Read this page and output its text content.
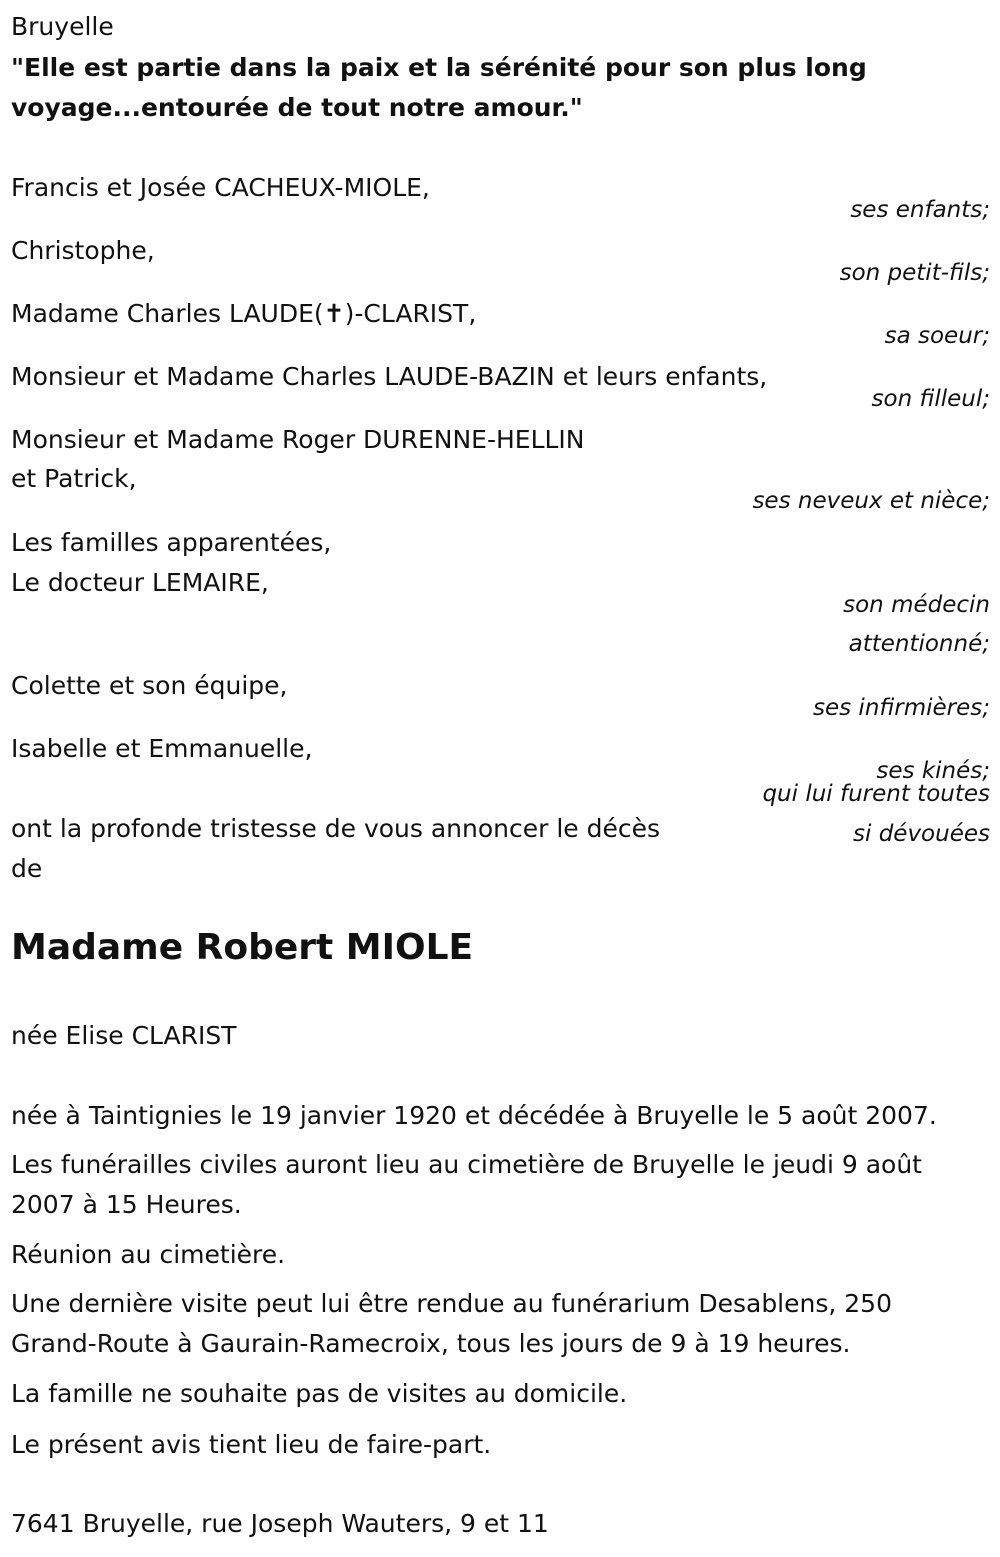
Bruyelle
"Elle est partie dans la paix et la sérénité pour son plus long
voyage...entourée de tout notre amour."
Francis et Josée CACHEUX-MIOLE,
ses enfants;
Christophe,
son petit-fils;
Madame Charles LAUDE(✝)-CLARIST,
sa soeur;
Monsieur et Madame Charles LAUDE-BAZIN et leurs enfants,
son filleul;
Monsieur et Madame Roger DURENNE-HELLIN
et Patrick,
ses neveux et nièce;
Les familles apparentées,
Le docteur LEMAIRE,
son médecin
attentionné;
Colette et son équipe,
ses infirmières;
Isabelle et Emmanuelle,
ses kinés;
qui lui furent toutes
si dévouées
ont la profonde tristesse de vous annoncer le décès
de
Madame Robert MIOLE
née Elise CLARIST
née à Taintignies le 19 janvier 1920 et décédée à Bruyelle le 5 août 2007.
Les funérailles civiles auront lieu au cimetière de Bruyelle le jeudi 9 août
2007 à 15 Heures.
Réunion au cimetière.
Une dernière visite peut lui être rendue au funérarium Desablens, 250
Grand-Route à Gaurain-Ramecroix, tous les jours de 9 à 19 heures.
La famille ne souhaite pas de visites au domicile.
Le présent avis tient lieu de faire-part.
7641 Bruyelle, rue Joseph Wauters, 9 et 11
